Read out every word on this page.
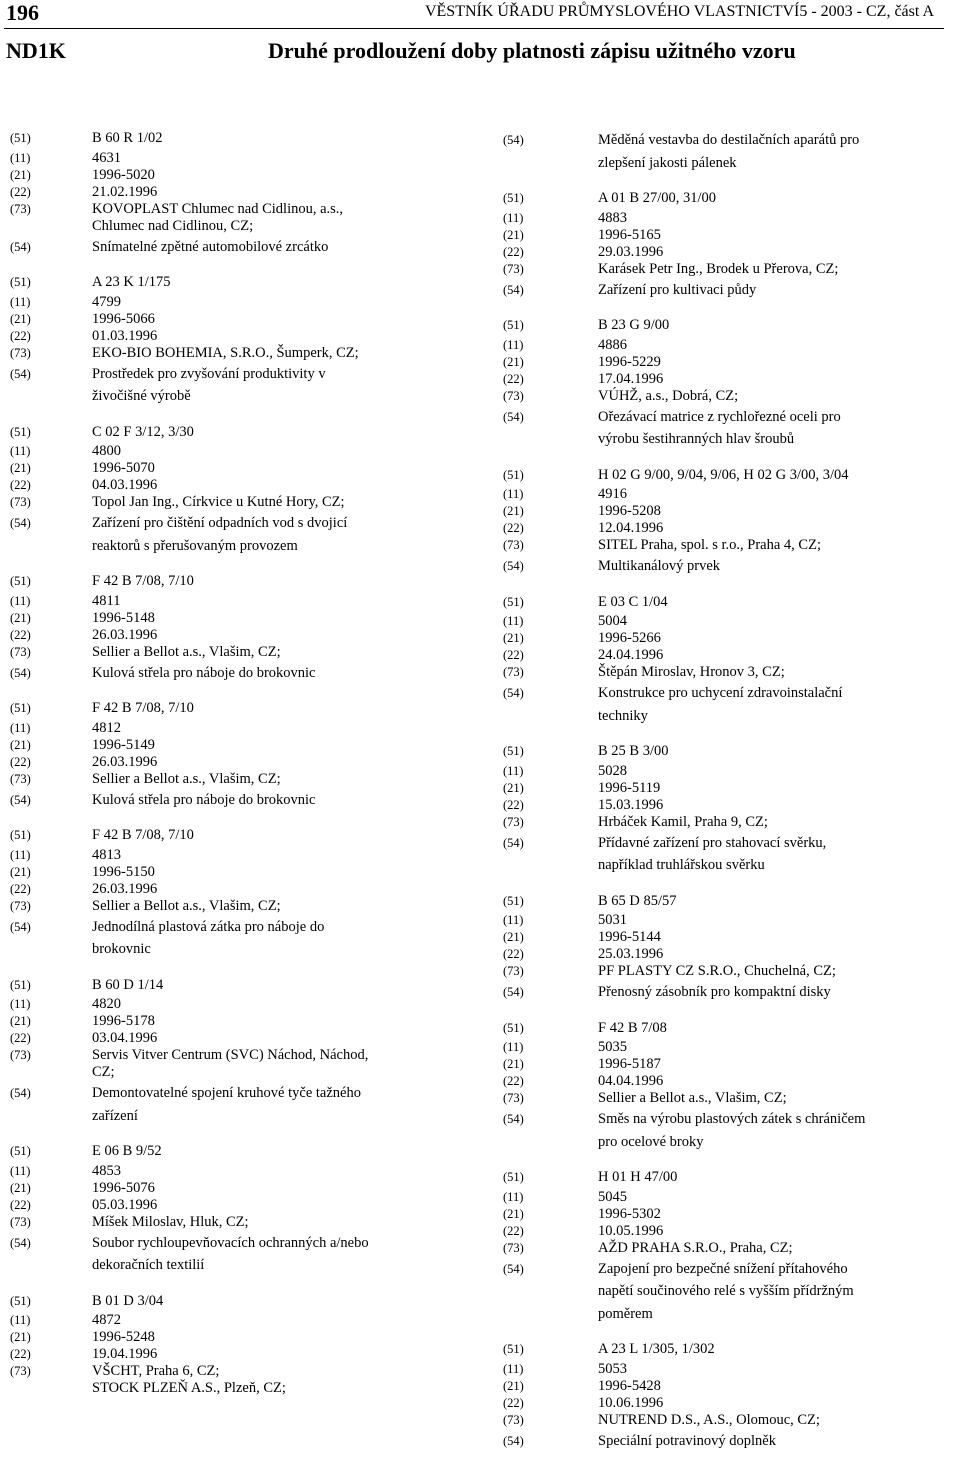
196	VĚSTNÍK ÚŘADU PRŮMYSLOVÉHO VLASTNICTVÍ5 - 2003 - CZ, část A
ND1K	Druhé prodloužení doby platnosti zápisu užitného vzoru
(51)	B 60 R 1/02
(11)	4631
(21)	1996-5020
(22)	21.02.1996
(73)	KOVOPLAST Chlumec nad Cidlinou, a.s.,
Chlumec nad Cidlinou, CZ;
(54)	Snímatelné zpětné automobilové zrcátko
(51)	A 23 K 1/175
(11)	4799
(21)	1996-5066
(22)	01.03.1996
(73)	EKO-BIO BOHEMIA, S.R.O., Šumperk, CZ;
(54)	Prostředek pro zvyšování produktivity v
živočišné výrobě
(51)	C 02 F 3/12, 3/30
(11)	4800
(21)	1996-5070
(22)	04.03.1996
(73)	Topol Jan Ing., Církvice u Kutné Hory, CZ;
(54)	Zařízení pro čištění odpadních vod s dvojicí
reaktorů s přerušovaným provozem
(51)	F 42 B 7/08, 7/10
(11)	4811
(21)	1996-5148
(22)	26.03.1996
(73)	Sellier a Bellot a.s., Vlašim, CZ;
(54)	Kulová střela pro náboje do brokovnic
(51)	F 42 B 7/08, 7/10
(11)	4812
(21)	1996-5149
(22)	26.03.1996
(73)	Sellier a Bellot a.s., Vlašim, CZ;
(54)	Kulová střela pro náboje do brokovnic
(51)	F 42 B 7/08, 7/10
(11)	4813
(21)	1996-5150
(22)	26.03.1996
(73)	Sellier a Bellot a.s., Vlašim, CZ;
(54)	Jednodílná plastová zátka pro náboje do
brokovnic
(51)	B 60 D 1/14
(11)	4820
(21)	1996-5178
(22)	03.04.1996
(73)	Servis Vitver Centrum (SVC) Náchod, Náchod,
CZ;
(54)	Demontovatelné spojení kruhové tyče tažného
zařízení
(51)	E 06 B 9/52
(11)	4853
(21)	1996-5076
(22)	05.03.1996
(73)	Míšek Miloslav, Hluk, CZ;
(54)	Soubor rychloupevňovacích ochranných a/nebo
dekoračních textilií
(51)	B 01 D 3/04
(11)	4872
(21)	1996-5248
(22)	19.04.1996
(73)	VŠCHT, Praha 6, CZ;
STOCK PLZEŇ A.S., Plzeň, CZ;
(54)	Měděná vestavba do destilačních aparátů pro
zlepšení jakosti pálenek
(51)	A 01 B 27/00, 31/00
(11)	4883
(21)	1996-5165
(22)	29.03.1996
(73)	Karásek Petr Ing., Brodek u Přerova, CZ;
(54)	Zařízení pro kultivaci půdy
(51)	B 23 G 9/00
(11)	4886
(21)	1996-5229
(22)	17.04.1996
(73)	VÚHŽ, a.s., Dobrá, CZ;
(54)	Ořezávací matrice z rychlořezné oceli pro
výrobu šestihranných hlav šroubů
(51)	H 02 G 9/00, 9/04, 9/06, H 02 G 3/00, 3/04
(11)	4916
(21)	1996-5208
(22)	12.04.1996
(73)	SITEL Praha, spol. s r.o., Praha 4, CZ;
(54)	Multikanálový prvek
(51)	E 03 C 1/04
(11)	5004
(21)	1996-5266
(22)	24.04.1996
(73)	Štěpán Miroslav, Hronov 3, CZ;
(54)	Konstrukce pro uchycení zdravoinstalační
techniky
(51)	B 25 B 3/00
(11)	5028
(21)	1996-5119
(22)	15.03.1996
(73)	Hrbáček Kamil, Praha 9, CZ;
(54)	Přídavné zařízení pro stahovací svěrku,
například truhlářskou svěrku
(51)	B 65 D 85/57
(11)	5031
(21)	1996-5144
(22)	25.03.1996
(73)	PF PLASTY CZ S.R.O., Chuchelná, CZ;
(54)	Přenosný zásobník pro kompaktní disky
(51)	F 42 B 7/08
(11)	5035
(21)	1996-5187
(22)	04.04.1996
(73)	Sellier a Bellot a.s., Vlašim, CZ;
(54)	Směs na výrobu plastových zátek s chráničem
pro ocelové broky
(51)	H 01 H 47/00
(11)	5045
(21)	1996-5302
(22)	10.05.1996
(73)	AŽD PRAHA S.R.O., Praha, CZ;
(54)	Zapojení pro bezpečné snížení přítahového
napětí součinového relé s vyšším přídržným
poměrem
(51)	A 23 L 1/305, 1/302
(11)	5053
(21)	1996-5428
(22)	10.06.1996
(73)	NUTREND D.S., A.S., Olomouc, CZ;
(54)	Speciální potravinový doplněk
